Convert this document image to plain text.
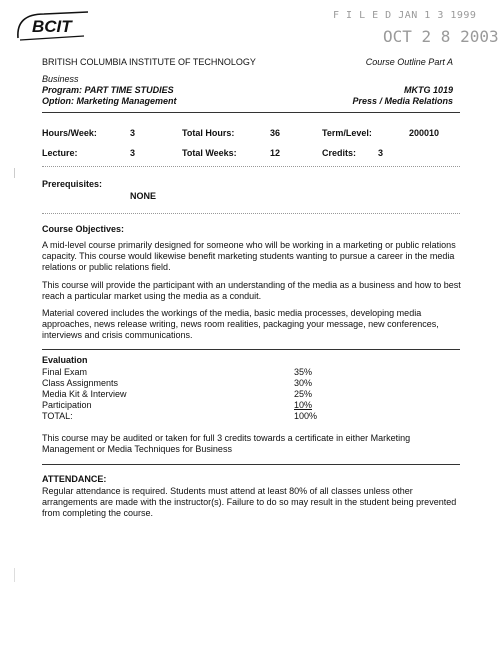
BCIT
F I L E D JAN 1 3 1999
OCT 2 8 2003
BRITISH COLUMBIA INSTITUTE OF TECHNOLOGY	Course Outline Part A
Business
Program: PART TIME STUDIES
Option: Marketing Management
MKTG 1019
Press / Media Relations
Hours/Week:	3	Total Hours:	36	Term/Level:	200010
Lecture:	3	Total Weeks:	12	Credits: 3
Prerequisites:
NONE
Course Objectives:
A mid-level course primarily designed for someone who will be working in a marketing or public relations capacity. This course would likewise benefit marketing students wanting to pursue a career in the media relations or public relations field.
This course will provide the participant with an understanding of the media as a business and how to best reach a particular market using the media as a conduit.
Material covered includes the workings of the media, basic media processes, developing media approaches, news release writing, news room realities, packaging your message, new conferences, interviews and crisis communications.
Evaluation
Final Exam	35%
Class Assignments	30%
Media Kit & Interview	25%
Participation	10%
TOTAL:	100%
This course may be audited or taken for full 3 credits towards a certificate in either Marketing Management or Media Techniques for Business
ATTENDANCE:
Regular attendance is required. Students must attend at least 80% of all classes unless other arrangements are made with the instructor(s). Failure to do so may result in the student being prevented from completing the course.
